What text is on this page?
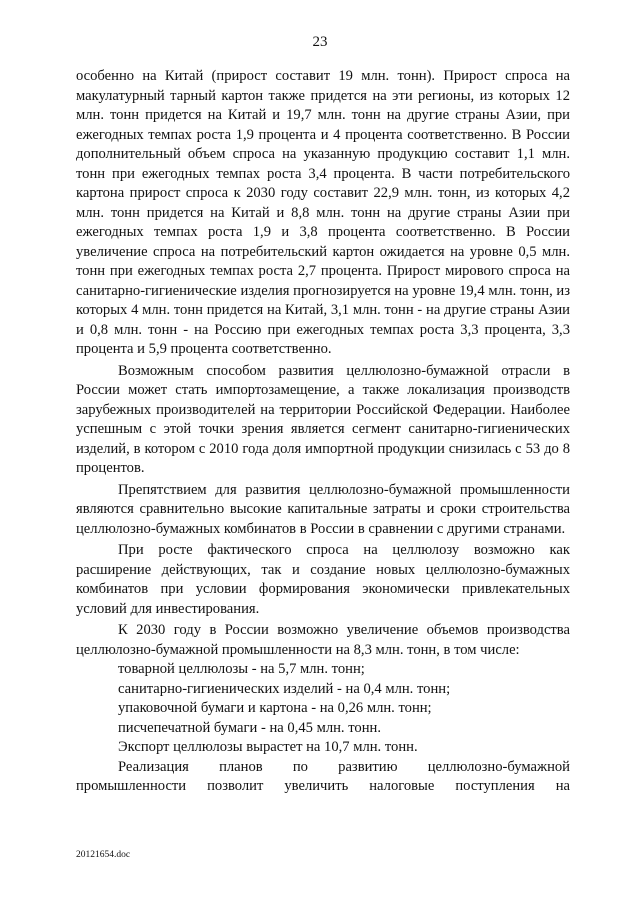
23

особенно на Китай (прирост составит 19 млн. тонн). Прирост спроса на макулатурный тарный картон также придется на эти регионы, из которых 12 млн. тонн придется на Китай и 19,7 млн. тонн на другие страны Азии, при ежегодных темпах роста 1,9 процента и 4 процента соответственно. В России дополнительный объем спроса на указанную продукцию составит 1,1 млн. тонн при ежегодных темпах роста 3,4 процента. В части потребительского картона прирост спроса к 2030 году составит 22,9 млн. тонн, из которых 4,2 млн. тонн придется на Китай и 8,8 млн. тонн на другие страны Азии при ежегодных темпах роста 1,9 и 3,8 процента соответственно. В России увеличение спроса на потребительский картон ожидается на уровне 0,5 млн. тонн при ежегодных темпах роста 2,7 процента. Прирост мирового спроса на санитарно-гигиенические изделия прогнозируется на уровне 19,4 млн. тонн, из которых 4 млн. тонн придется на Китай, 3,1 млн. тонн - на другие страны Азии и 0,8 млн. тонн - на Россию при ежегодных темпах роста 3,3 процента, 3,3 процента и 5,9 процента соответственно.

Возможным способом развития целлюлозно-бумажной отрасли в России может стать импортозамещение, а также локализация производств зарубежных производителей на территории Российской Федерации. Наиболее успешным с этой точки зрения является сегмент санитарно-гигиенических изделий, в котором с 2010 года доля импортной продукции снизилась с 53 до 8 процентов.

Препятствием для развития целлюлозно-бумажной промышленности являются сравнительно высокие капитальные затраты и сроки строительства целлюлозно-бумажных комбинатов в России в сравнении с другими странами.

При росте фактического спроса на целлюлозу возможно как расширение действующих, так и создание новых целлюлозно-бумажных комбинатов при условии формирования экономически привлекательных условий для инвестирования.

К 2030 году в России возможно увеличение объемов производства целлюлозно-бумажной промышленности на 8,3 млн. тонн, в том числе:

товарной целлюлозы - на 5,7 млн. тонн;

санитарно-гигиенических изделий - на 0,4 млн. тонн;

упаковочной бумаги и картона - на 0,26 млн. тонн;

писчепечатной бумаги - на 0,45 млн. тонн.

Экспорт целлюлозы вырастет на 10,7 млн. тонн.

Реализация планов по развитию целлюлозно-бумажной промышленности позволит увеличить налоговые поступления на

20121654.doc
